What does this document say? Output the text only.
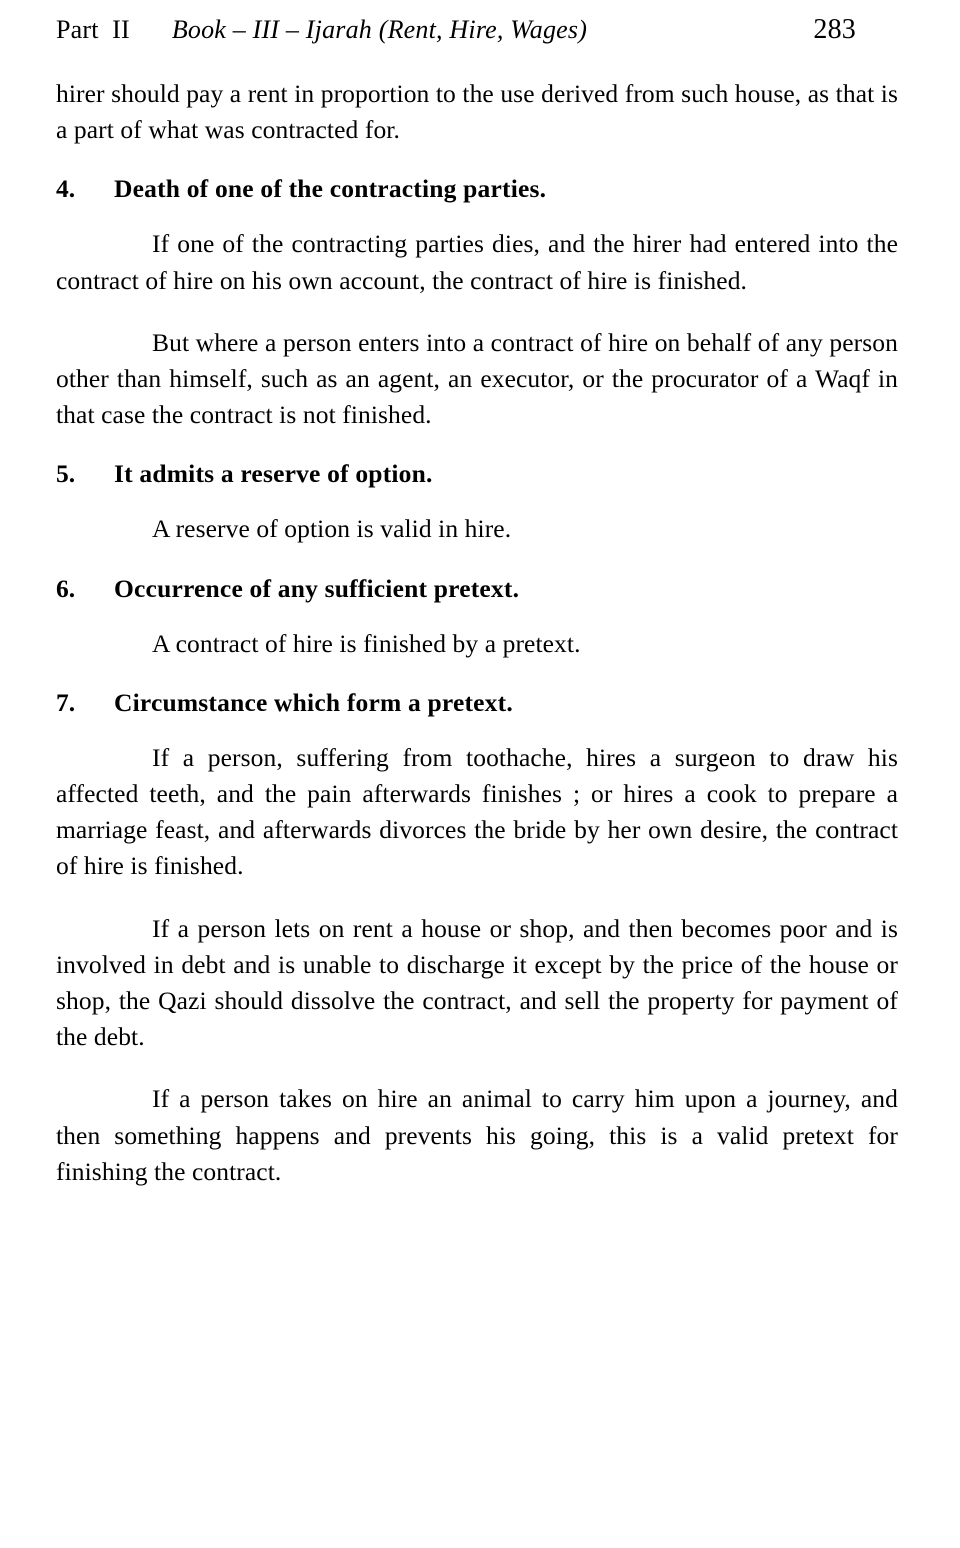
Part  II Book – III – Ijarah (Rent, Hire, Wages)	283

hirer should pay a rent in proportion to the use derived from such house, as that is a part of what was contracted for.

4.	Death of one of the contracting parties.

If one of the contracting parties dies, and the hirer had entered into the contract of hire on his own account, the contract of hire is finished.

But where a person enters into a contract of hire on behalf of any person other than himself, such as an agent, an executor, or the procurator of a Waqf in that case the contract is not finished.

5.	It admits a reserve of option.

A reserve of option is valid in hire.

6.	Occurrence of any sufficient pretext.

A contract of hire is finished by a pretext.

7.	Circumstance which form a pretext.

If a person, suffering from toothache, hires a surgeon to draw his affected teeth, and the pain afterwards finishes ; or hires a cook to prepare a marriage feast, and afterwards divorces the bride by her own desire, the contract of hire is finished.

If a person lets on rent a house or shop, and then becomes poor and is involved in debt and is unable to discharge it except by the price of the house or shop, the Qazi should dissolve the contract, and sell the property for payment of the debt.

If a person takes on hire an animal to carry him upon a journey, and then something happens and prevents his going, this is a valid pretext for finishing the contract.
